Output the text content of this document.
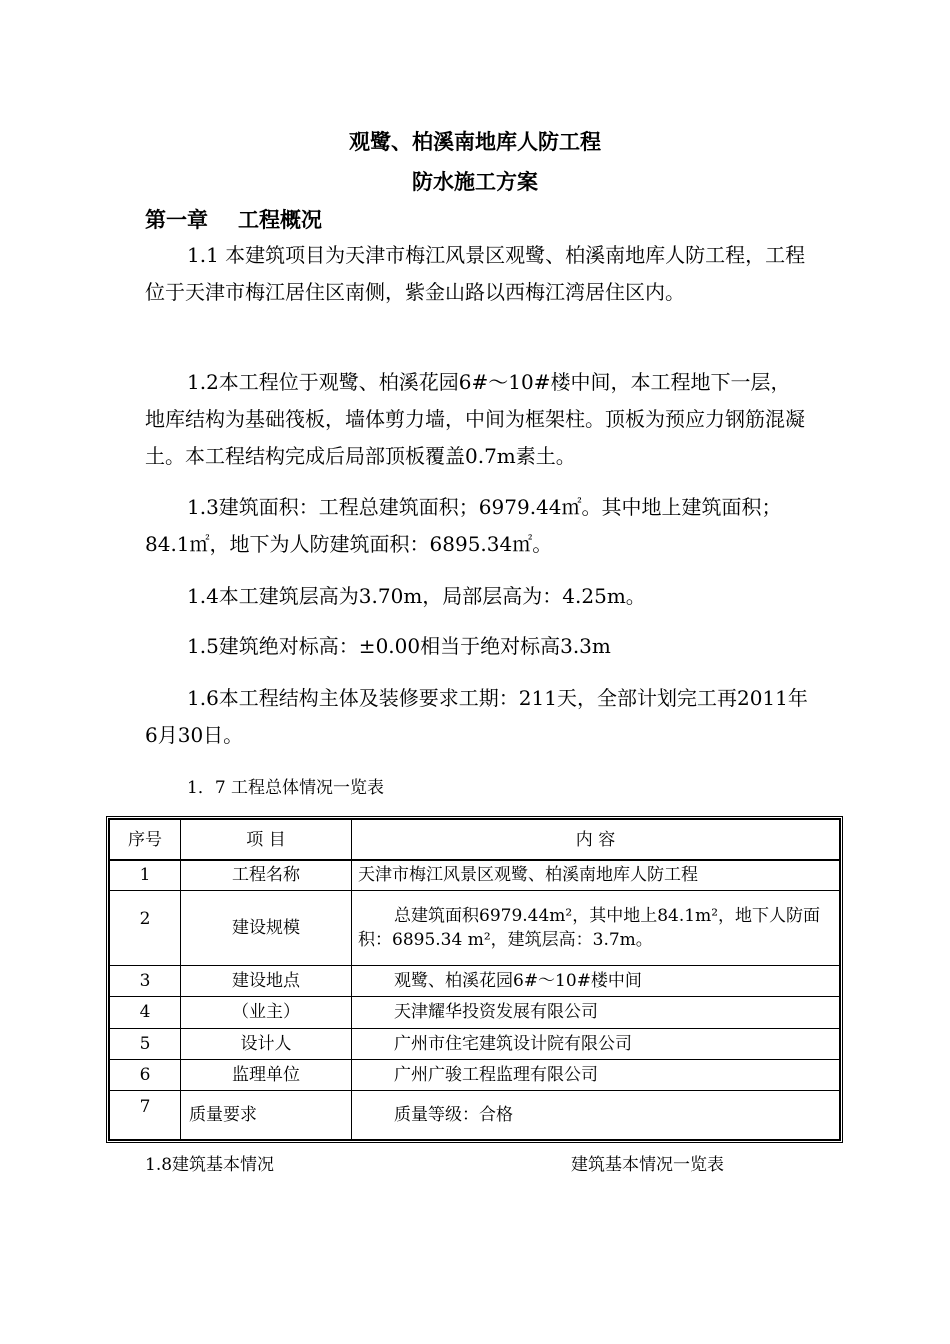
观鹭、柏溪南地库人防工程
防水施工方案
第一章 工程概况

1.1 本建筑项目为天津市梅江风景区观鹭、柏溪南地库人防工程，工程位于天津市梅江居住区南侧，紫金山路以西梅江湾居住区内。

1.2本工程位于观鹭、柏溪花园6#～10#楼中间，本工程地下一层，地库结构为基础筏板，墙体剪力墙，中间为框架柱。顶板为预应力钢筋混凝土。本工程结构完成后局部顶板覆盖0.7m素土。

1.3建筑面积：工程总建筑面积；6979.44㎡。其中地上建筑面积；84.1㎡，地下为人防建筑面积：6895.34㎡。

1.4本工建筑层高为3.70m，局部层高为：4.25m。

1.5建筑绝对标高：±0.00相当于绝对标高3.3m

1.6本工程结构主体及装修要求工期：211天，全部计划完工再2011年6月30日。

1．7 工程总体情况一览表
序号	项 目	内 容
1	工程名称	天津市梅江风景区观鹭、柏溪南地库人防工程
2	建设规模	总建筑面积6979.44m²，其中地上84.1m²，地下人防面积：6895.34 m²，建筑层高：3.7m。
3	建设地点	观鹭、柏溪花园6#～10#楼中间
4	（业主）	天津耀华投资发展有限公司
5	设计人	广州市住宅建筑设计院有限公司
6	监理单位	广州广骏工程监理有限公司
7	质量要求	质量等级：合格
1.8建筑基本情况	建筑基本情况一览表
